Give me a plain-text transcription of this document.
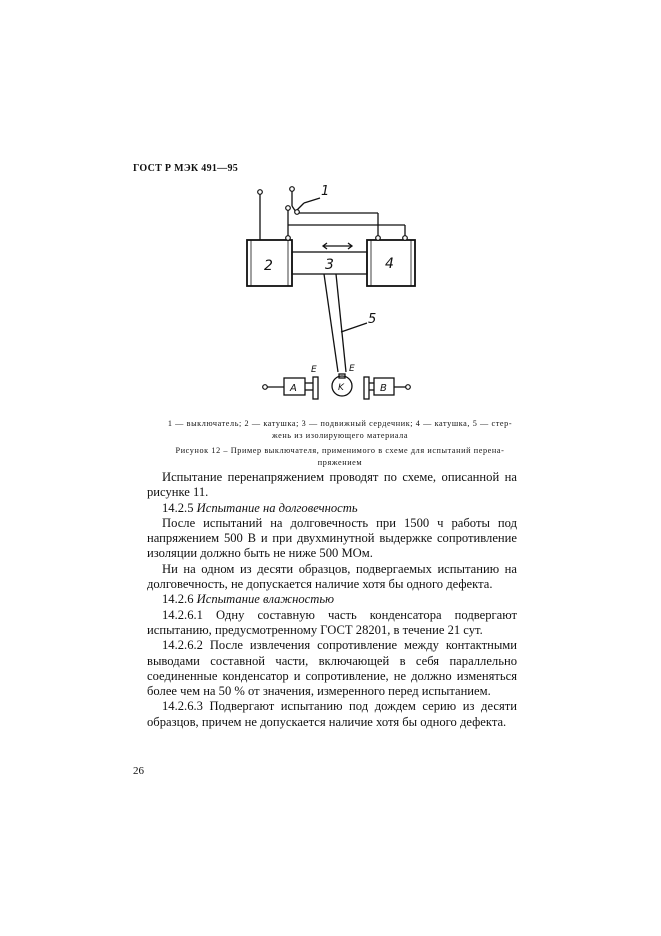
ГОСТ Р МЭК 491—95
1
2	3	4
5
A	B
K
E	E
1 — выключатель; 2 — катушка; 3 — подвижный сердечник; 4 — катушка, 5 — стер-
жень из изолирующего материала
Рисунок 12 – Пример выключателя, применимого в схеме для испытаний перена-
пряжением

Испытание перенапряжением проводят по схеме, описанной на рисунке 11.

14.2.5 Испытание на долговечность

После испытаний на долговечность при 1500 ч работы под напряжением 500 В и при двухминутной выдержке сопротивление изоляции должно быть не ниже 500 МОм.

Ни на одном из десяти образцов, подвергаемых испытанию на долговечность, не допускается наличие хотя бы одного дефекта.

14.2.6 Испытание влажностью

14.2.6.1 Одну составную часть конденсатора подвергают испытанию, предусмотренному ГОСТ 28201, в течение 21 сут.

14.2.6.2 После извлечения сопротивление между контактными выводами составной части, включающей в себя параллельно соединенные конденсатор и сопротивление, не должно изменяться более чем на 50 % от значения, измеренного перед испытанием.

14.2.6.3 Подвергают испытанию под дождем серию из десяти образцов, причем не допускается наличие хотя бы одного дефекта.

26
